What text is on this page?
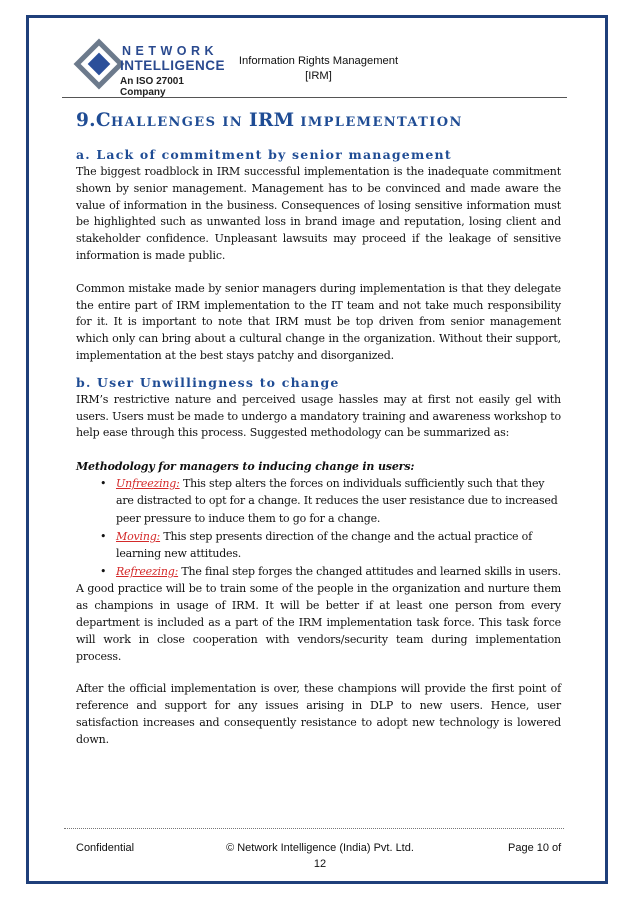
NETWORK
INTELLIGENCE
An ISO 27001 Company
Information Rights Management
[IRM]
9.CHALLENGES IN IRM IMPLEMENTATION
a. Lack of commitment by senior management

The biggest roadblock in IRM successful implementation is the inadequate commitment shown by senior management. Management has to be convinced and made aware the value of information in the business. Consequences of losing sensitive information must be highlighted such as unwanted loss in brand image and reputation, losing client and stakeholder confidence. Unpleasant lawsuits may proceed if the leakage of sensitive information is made public.

Common mistake made by senior managers during implementation is that they delegate the entire part of IRM implementation to the IT team and not take much responsibility for it. It is important to note that IRM must be top driven from senior management which only can bring about a cultural change in the organization. Without their support, implementation at the best stays patchy and disorganized.

b. User Unwillingness to change

IRM’s restrictive nature and perceived usage hassles may at first not easily gel with users. Users must be made to undergo a mandatory training and awareness workshop to help ease through this process. Suggested methodology can be summarized as:

Methodology for managers to inducing change in users:
• Unfreezing: This step alters the forces on individuals sufficiently such that they are distracted to opt for a change. It reduces the user resistance due to increased peer pressure to induce them to go for a change.
• Moving: This step presents direction of the change and the actual practice of learning new attitudes.
• Refreezing: The final step forges the changed attitudes and learned skills in users.

A good practice will be to train some of the people in the organization and nurture them as champions in usage of IRM. It will be better if at least one person from every department is included as a part of the IRM implementation task force. This task force will work in close cooperation with vendors/security team during implementation process.

After the official implementation is over, these champions will provide the first point of reference and support for any issues arising in DLP to new users. Hence, user satisfaction increases and consequently resistance to adopt new technology is lowered down.

Confidential	© Network Intelligence (India) Pvt. Ltd.
12
Page 10 of
